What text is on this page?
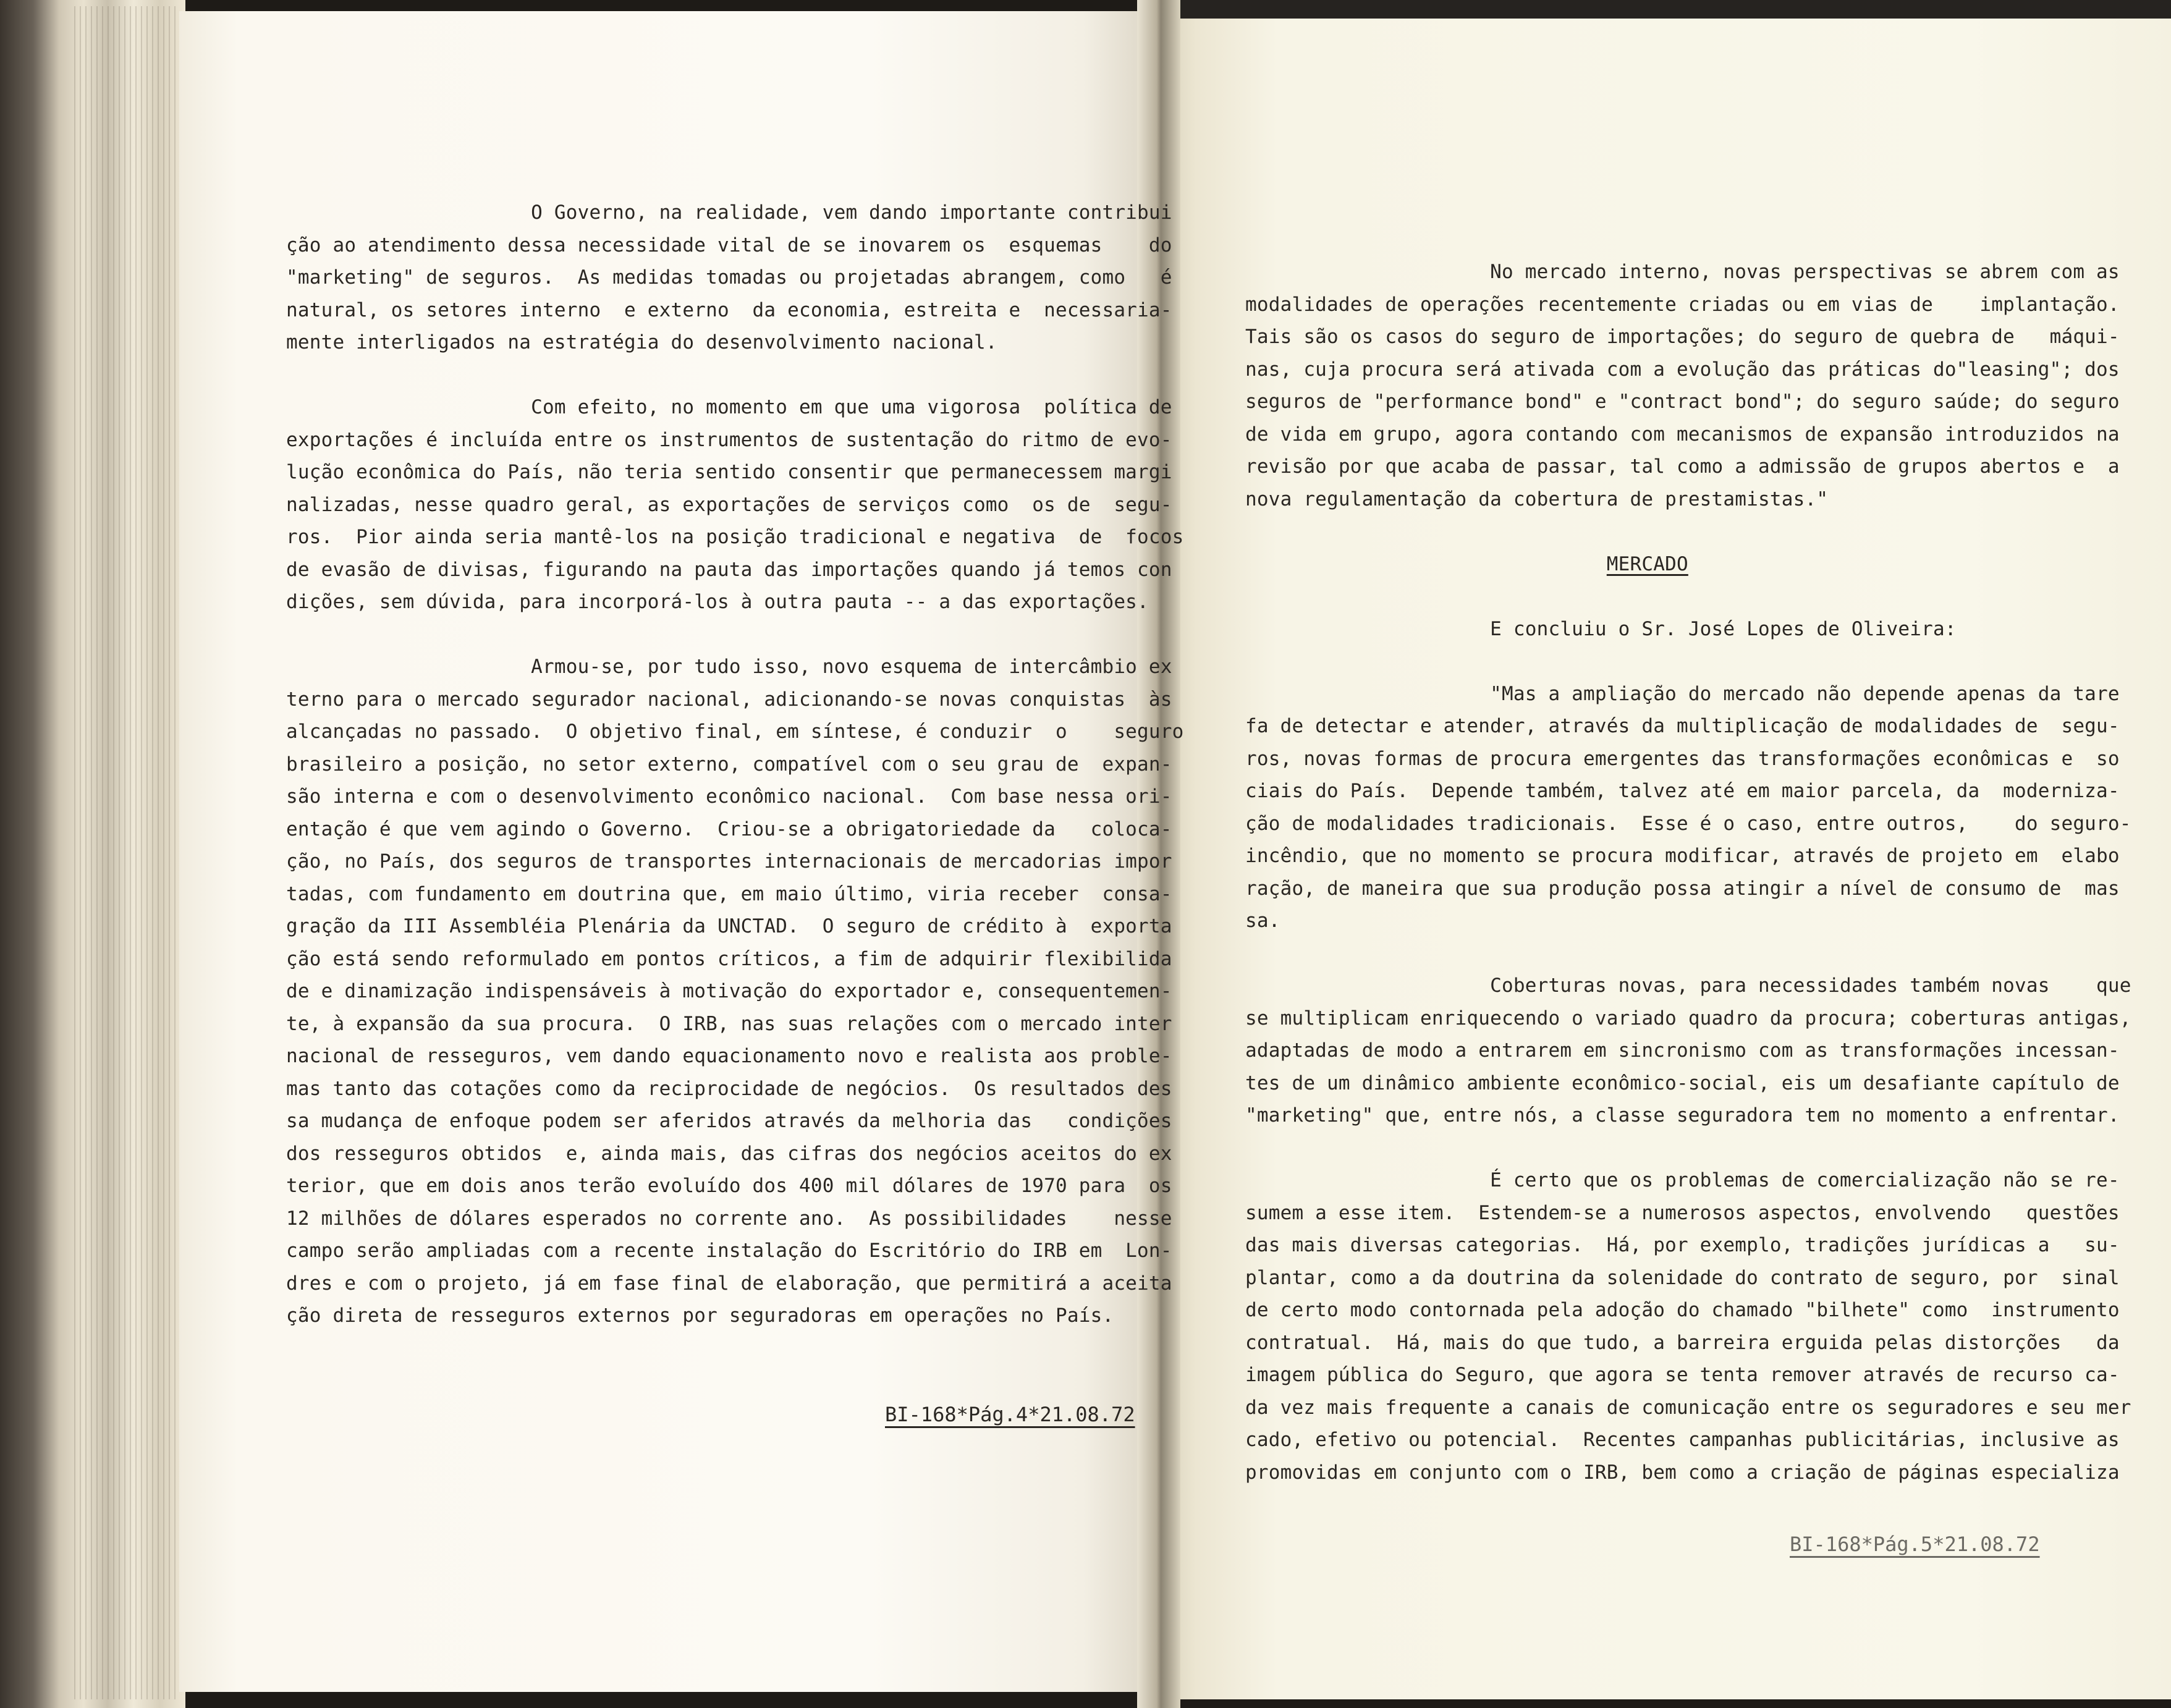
O Governo, na realidade, vem dando importante contribui
ção ao atendimento dessa necessidade vital de se inovarem os  esquemas    do
"marketing" de seguros.  As medidas tomadas ou projetadas abrangem, como   é
natural, os setores interno  e externo  da economia, estreita e  necessaria-
mente interligados na estratégia do desenvolvimento nacional.

Com efeito, no momento em que uma vigorosa  política de
exportações é incluída entre os instrumentos de sustentação do ritmo de evo-
lução econômica do País, não teria sentido consentir que permanecessem margi
nalizadas, nesse quadro geral, as exportações de serviços como  os de  segu-
ros.  Pior ainda seria mantê-los na posição tradicional e negativa  de  focos
de evasão de divisas, figurando na pauta das importações quando já temos con
dições, sem dúvida, para incorporá-los à outra pauta -- a das exportações.

Armou-se, por tudo isso, novo esquema de intercâmbio ex
terno para o mercado segurador nacional, adicionando-se novas conquistas  às
alcançadas no passado.  O objetivo final, em síntese, é conduzir  o    seguro
brasileiro a posição, no setor externo, compatível com o seu grau de  expan-
são interna e com o desenvolvimento econômico nacional.  Com base nessa ori-
entação é que vem agindo o Governo.  Criou-se a obrigatoriedade da   coloca-
ção, no País, dos seguros de transportes internacionais de mercadorias impor
tadas, com fundamento em doutrina que, em maio último, viria receber  consa-
gração da III Assembléia Plenária da UNCTAD.  O seguro de crédito à  exporta
ção está sendo reformulado em pontos críticos, a fim de adquirir flexibilida
de e dinamização indispensáveis à motivação do exportador e, consequentemen-
te, à expansão da sua procura.  O IRB, nas suas relações com o mercado inter
nacional de resseguros, vem dando equacionamento novo e realista aos proble-
mas tanto das cotações como da reciprocidade de negócios.  Os resultados des
sa mudança de enfoque podem ser aferidos através da melhoria das   condições
dos resseguros obtidos  e, ainda mais, das cifras dos negócios aceitos do ex
terior, que em dois anos terão evoluído dos 400 mil dólares de 1970 para  os
12 milhões de dólares esperados no corrente ano.  As possibilidades    nesse
campo serão ampliadas com a recente instalação do Escritório do IRB em  Lon-
dres e com o projeto, já em fase final de elaboração, que permitirá a aceita
ção direta de resseguros externos por seguradoras em operações no País.
BI-168*Pág.4*21.08.72
No mercado interno, novas perspectivas se abrem com as
modalidades de operações recentemente criadas ou em vias de    implantação.
Tais são os casos do seguro de importações; do seguro de quebra de   máqui-
nas, cuja procura será ativada com a evolução das práticas do"leasing"; dos
seguros de "performance bond" e "contract bond"; do seguro saúde; do seguro
de vida em grupo, agora contando com mecanismos de expansão introduzidos na
revisão por que acaba de passar, tal como a admissão de grupos abertos e  a
nova regulamentação da cobertura de prestamistas."

MERCADO

E concluiu o Sr. José Lopes de Oliveira:

"Mas a ampliação do mercado não depende apenas da tare
fa de detectar e atender, através da multiplicação de modalidades de  segu-
ros, novas formas de procura emergentes das transformações econômicas e  so
ciais do País.  Depende também, talvez até em maior parcela, da  moderniza-
ção de modalidades tradicionais.  Esse é o caso, entre outros,    do seguro-
incêndio, que no momento se procura modificar, através de projeto em  elabo
ração, de maneira que sua produção possa atingir a nível de consumo de  mas
sa.

Coberturas novas, para necessidades também novas    que
se multiplicam enriquecendo o variado quadro da procura; coberturas antigas,
adaptadas de modo a entrarem em sincronismo com as transformações incessan-
tes de um dinâmico ambiente econômico-social, eis um desafiante capítulo de
"marketing" que, entre nós, a classe seguradora tem no momento a enfrentar.

É certo que os problemas de comercialização não se re-
sumem a esse item.  Estendem-se a numerosos aspectos, envolvendo   questões
das mais diversas categorias.  Há, por exemplo, tradições jurídicas a   su-
plantar, como a da doutrina da solenidade do contrato de seguro, por  sinal
de certo modo contornada pela adoção do chamado "bilhete" como  instrumento
contratual.  Há, mais do que tudo, a barreira erguida pelas distorções   da
imagem pública do Seguro, que agora se tenta remover através de recurso ca-
da vez mais frequente a canais de comunicação entre os seguradores e seu mer
cado, efetivo ou potencial.  Recentes campanhas publicitárias, inclusive as
promovidas em conjunto com o IRB, bem como a criação de páginas especializa
BI-168*Pág.5*21.08.72
